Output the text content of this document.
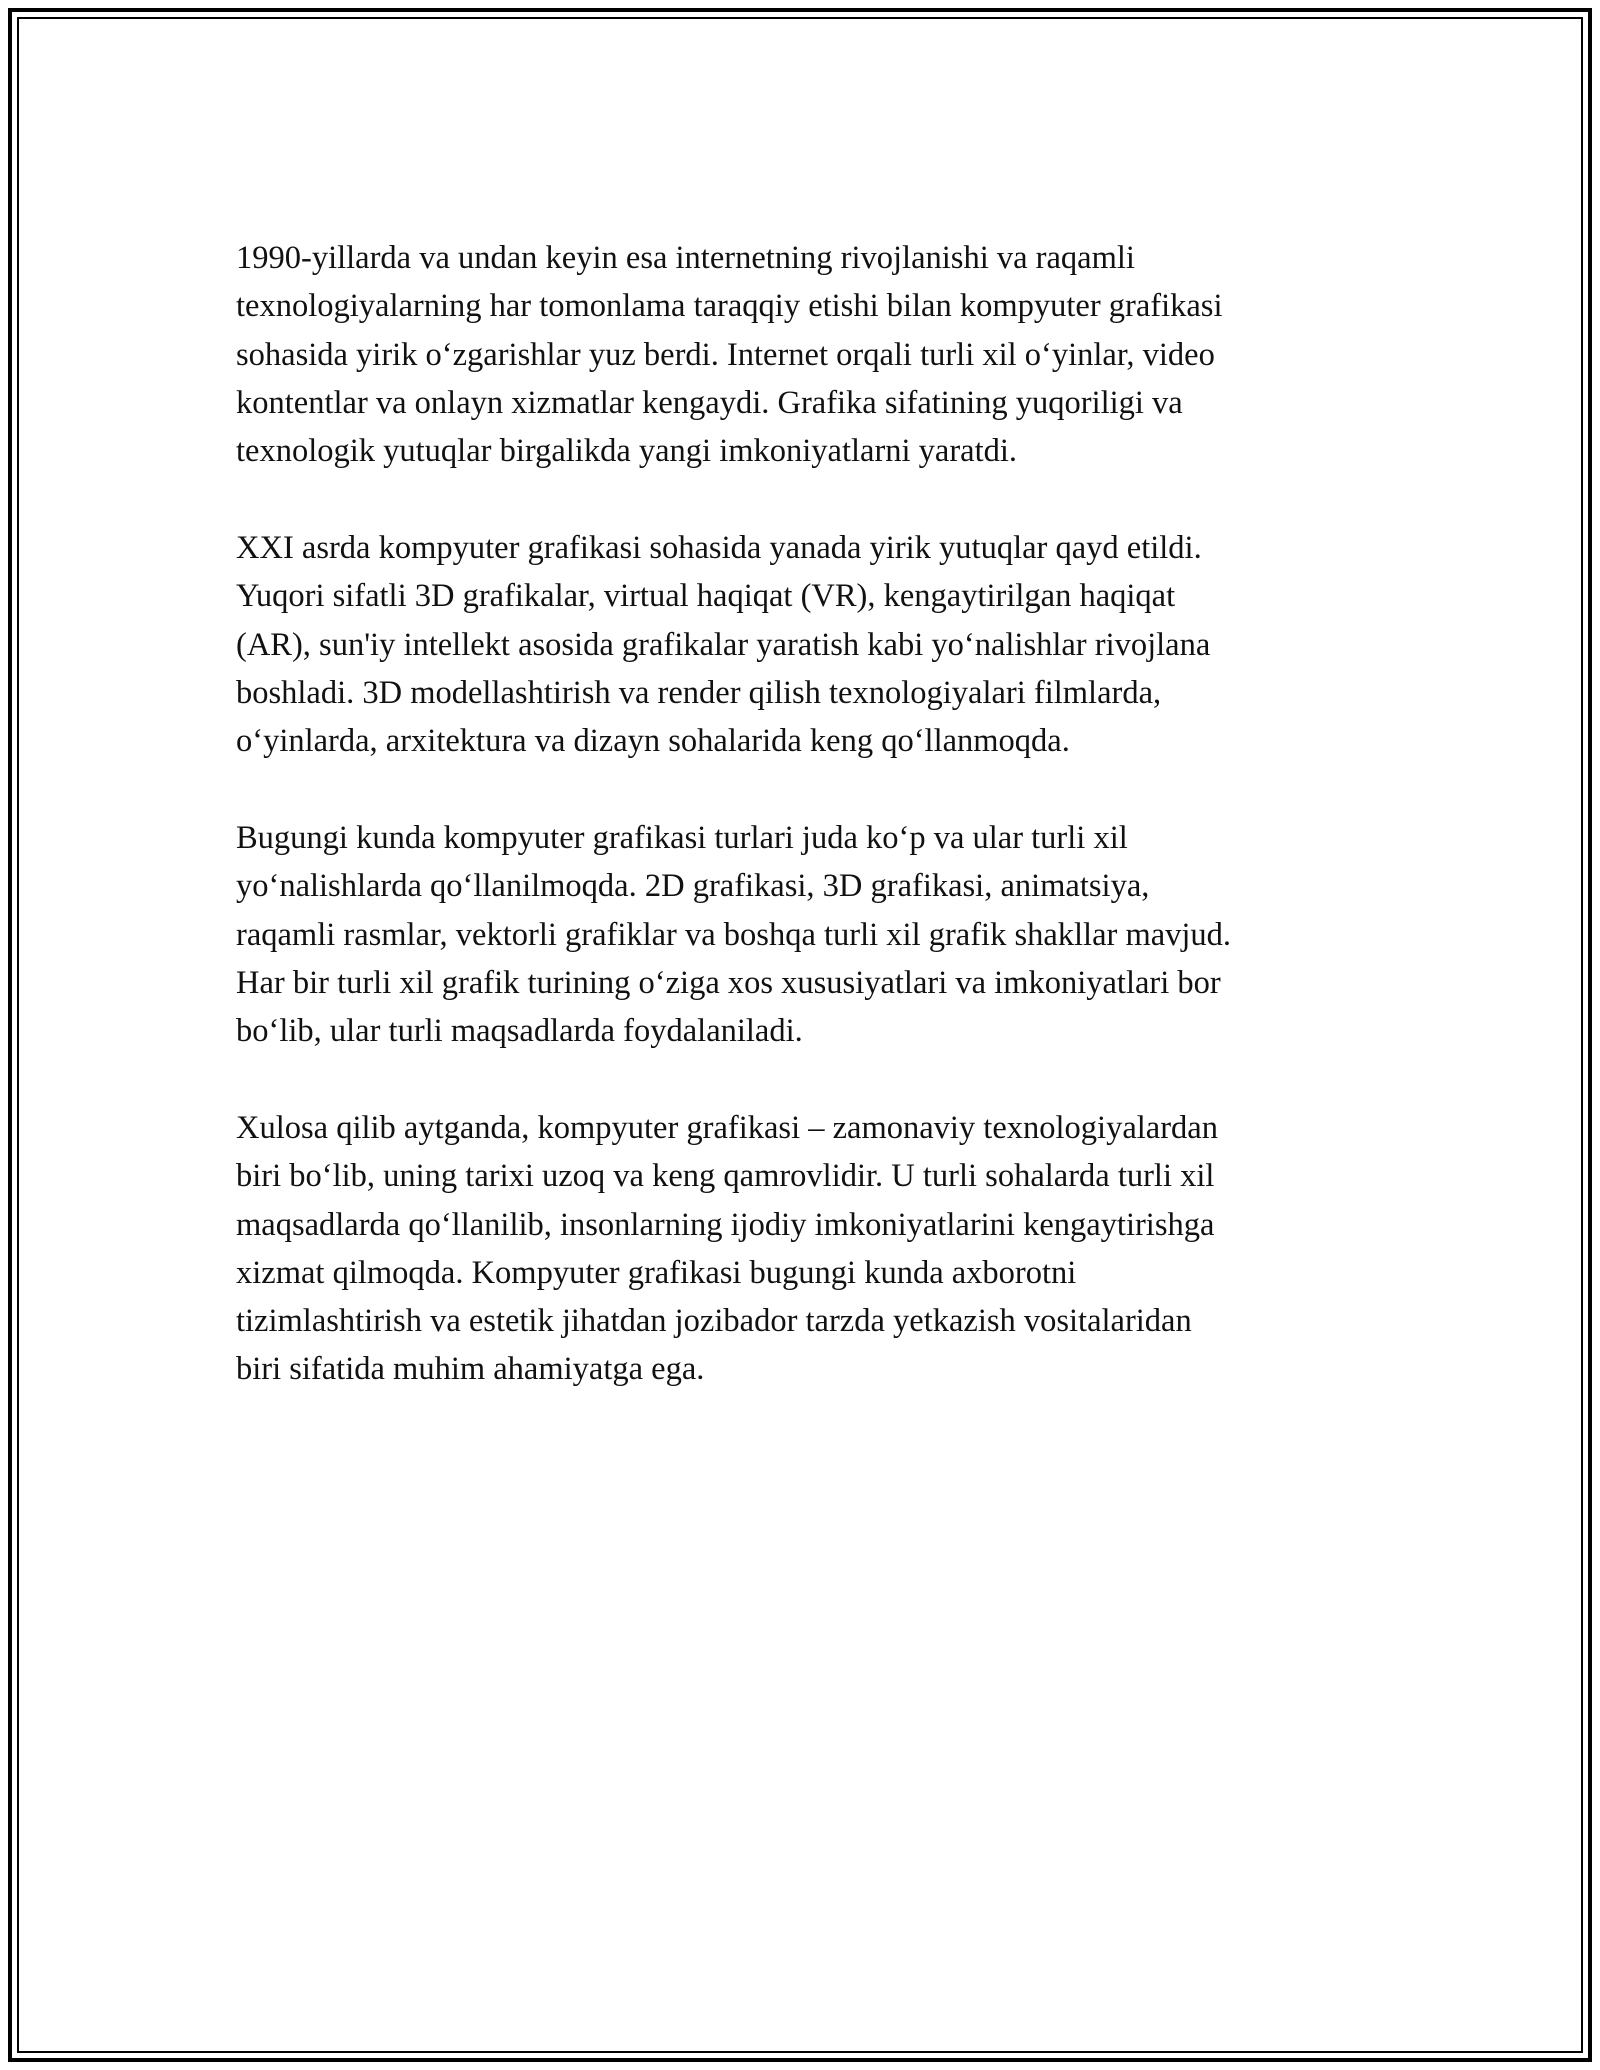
1990-yillarda va undan keyin esa internetning rivojlanishi va raqamli
texnologiyalarning har tomonlama taraqqiy etishi bilan kompyuter grafikasi
sohasida yirik o‘zgarishlar yuz berdi. Internet orqali turli xil o‘yinlar, video
kontentlar va onlayn xizmatlar kengaydi. Grafika sifatining yuqoriligi va
texnologik yutuqlar birgalikda yangi imkoniyatlarni yaratdi.

XXI asrda kompyuter grafikasi sohasida yanada yirik yutuqlar qayd etildi.
Yuqori sifatli 3D grafikalar, virtual haqiqat (VR), kengaytirilgan haqiqat
(AR), sun'iy intellekt asosida grafikalar yaratish kabi yo‘nalishlar rivojlana
boshladi. 3D modellashtirish va render qilish texnologiyalari filmlarda,
o‘yinlarda, arxitektura va dizayn sohalarida keng qo‘llanmoqda.

Bugungi kunda kompyuter grafikasi turlari juda ko‘p va ular turli xil
yo‘nalishlarda qo‘llanilmoqda. 2D grafikasi, 3D grafikasi, animatsiya,
raqamli rasmlar, vektorli grafiklar va boshqa turli xil grafik shakllar mavjud.
Har bir turli xil grafik turining o‘ziga xos xususiyatlari va imkoniyatlari bor
bo‘lib, ular turli maqsadlarda foydalaniladi.

Xulosa qilib aytganda, kompyuter grafikasi – zamonaviy texnologiyalardan
biri bo‘lib, uning tarixi uzoq va keng qamrovlidir. U turli sohalarda turli xil
maqsadlarda qo‘llanilib, insonlarning ijodiy imkoniyatlarini kengaytirishga
xizmat qilmoqda. Kompyuter grafikasi bugungi kunda axborotni
tizimlashtirish va estetik jihatdan jozibador tarzda yetkazish vositalaridan
biri sifatida muhim ahamiyatga ega.
